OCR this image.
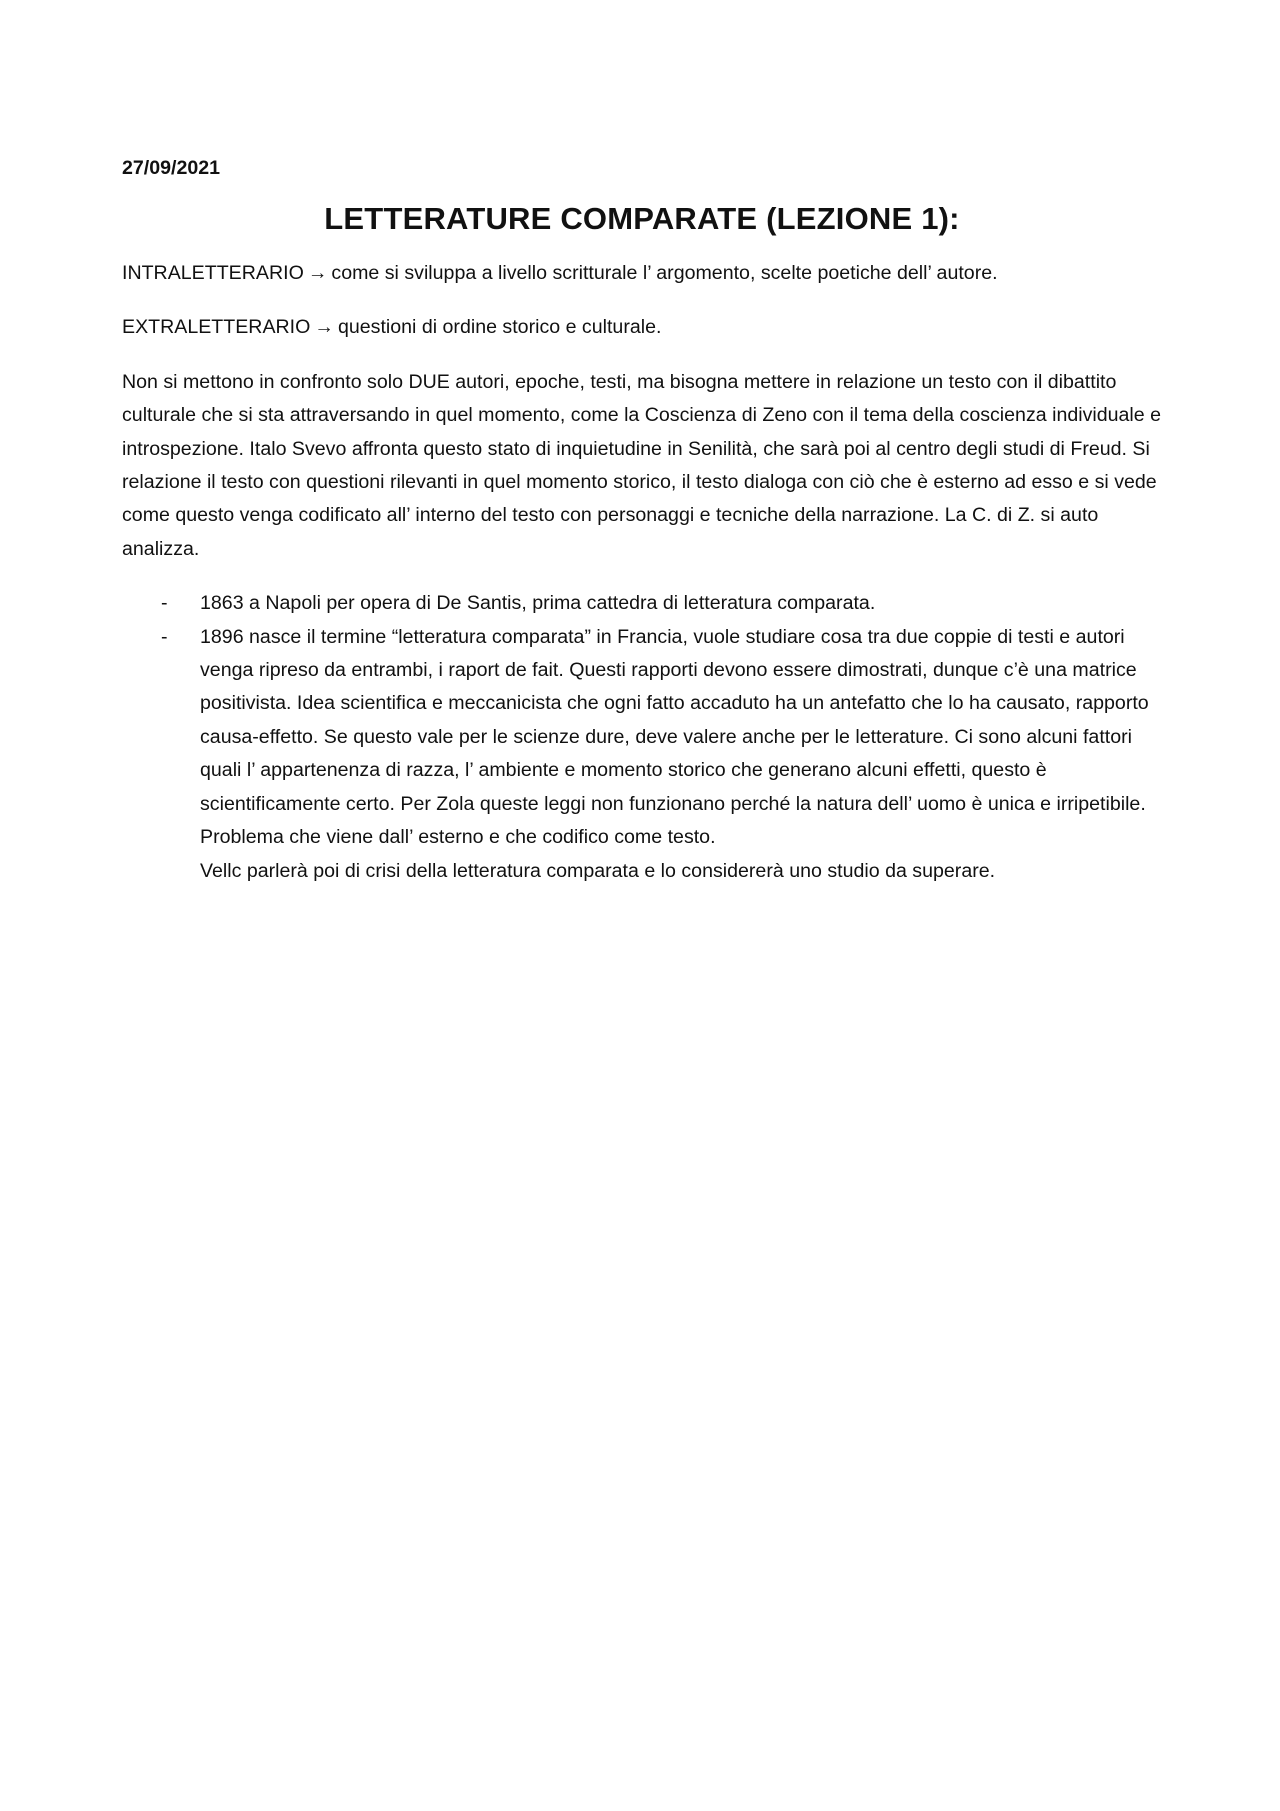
27/09/2021
LETTERATURE COMPARATE (LEZIONE 1):

INTRALETTERARIO → come si sviluppa a livello scritturale l’ argomento, scelte poetiche dell’ autore.

EXTRALETTERARIO → questioni di ordine storico e culturale.

Non si mettono in confronto solo DUE autori, epoche, testi, ma bisogna mettere in relazione un testo con il dibattito culturale che si sta attraversando in quel momento, come la Coscienza di Zeno con il tema della coscienza individuale e introspezione. Italo Svevo affronta questo stato di inquietudine in Senilità, che sarà poi al centro degli studi di Freud. Si relazione il testo con questioni rilevanti in quel momento storico, il testo dialoga con ciò che è esterno ad esso e si vede come questo venga codificato all’ interno del testo con personaggi e tecniche della narrazione. La C. di Z. si auto analizza.

- 1863 a Napoli per opera di De Santis, prima cattedra di letteratura comparata.
- 1896 nasce il termine “letteratura comparata” in Francia, vuole studiare cosa tra due coppie di testi e autori venga ripreso da entrambi, i raport de fait. Questi rapporti devono essere dimostrati, dunque c’è una matrice positivista. Idea scientifica e meccanicista che ogni fatto accaduto ha un antefatto che lo ha causato, rapporto causa-effetto. Se questo vale per le scienze dure, deve valere anche per le letterature. Ci sono alcuni fattori quali l’ appartenenza di razza, l’ ambiente e momento storico che generano alcuni effetti, questo è scientificamente certo. Per Zola queste leggi non funzionano perché la natura dell’ uomo è unica e irripetibile.
Problema che viene dall’ esterno e che codifico come testo.
Vellc parlerà poi di crisi della letteratura comparata e lo considererà uno studio da superare.
